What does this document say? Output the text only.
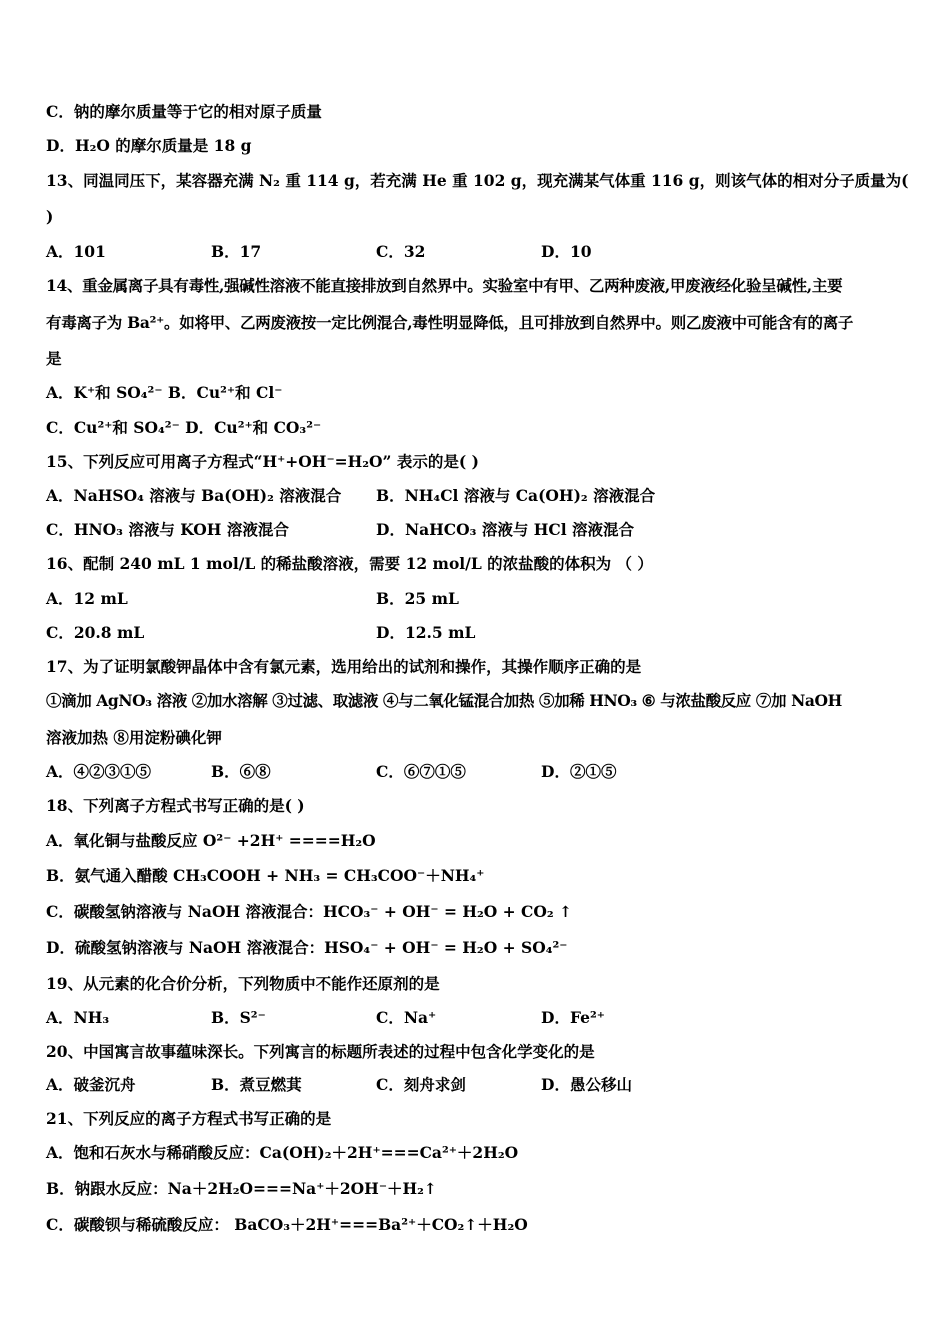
C．钠的摩尔质量等于它的相对原子质量
D．H₂O 的摩尔质量是 18 g
13、同温同压下，某容器充满 N₂ 重 114 g，若充满 He 重 102 g，现充满某气体重 116 g，则该气体的相对分子质量为(
)
A．101	B．17	C．32	D．10
14、重金属离子具有毒性,强碱性溶液不能直接排放到自然界中。实验室中有甲、乙两种废液,甲废液经化验呈碱性,主要
有毒离子为 Ba²⁺。如将甲、乙两废液按一定比例混合,毒性明显降低，且可排放到自然界中。则乙废液中可能含有的离子
是
A．K⁺和 SO₄²⁻ B．Cu²⁺和 Cl⁻
C．Cu²⁺和 SO₄²⁻ D．Cu²⁺和 CO₃²⁻
15、下列反应可用离子方程式“H⁺+OH⁻=H₂O” 表示的是( )
A．NaHSO₄ 溶液与 Ba(OH)₂ 溶液混合 B．NH₄Cl 溶液与 Ca(OH)₂ 溶液混合
C．HNO₃ 溶液与 KOH 溶液混合	D．NaHCO₃ 溶液与 HCl 溶液混合
16、配制 240 mL 1 mol/L 的稀盐酸溶液，需要 12 mol/L 的浓盐酸的体积为 （ ）
A．12 mL	B．25 mL
C．20.8 mL	D．12.5 mL
17、为了证明氯酸钾晶体中含有氯元素，选用给出的试剂和操作，其操作顺序正确的是
①滴加 AgNO₃ 溶液 ②加水溶解 ③过滤、取滤液 ④与二氧化锰混合加热 ⑤加稀 HNO₃ ⑥ 与浓盐酸反应 ⑦加 NaOH
溶液加热 ⑧用淀粉碘化钾
A．④②③①⑤	B．⑥⑧	C．⑥⑦①⑤	D．②①⑤
18、下列离子方程式书写正确的是( )
A．氧化铜与盐酸反应 O²⁻ +2H⁺ ====H₂O
B．氨气通入醋酸 CH₃COOH + NH₃ = CH₃COO⁻＋NH₄⁺
C．碳酸氢钠溶液与 NaOH 溶液混合：HCO₃⁻ + OH⁻ = H₂O + CO₂ ↑
D．硫酸氢钠溶液与 NaOH 溶液混合：HSO₄⁻ + OH⁻ = H₂O + SO₄²⁻
19、从元素的化合价分析，下列物质中不能作还原剂的是
A．NH₃	B．S²⁻	C．Na⁺	D．Fe²⁺
20、中国寓言故事蕴味深长。下列寓言的标题所表述的过程中包含化学变化的是
A．破釜沉舟	B．煮豆燃萁	C．刻舟求剑	D．愚公移山
21、下列反应的离子方程式书写正确的是
A．饱和石灰水与稀硝酸反应：Ca(OH)₂＋2H⁺===Ca²⁺＋2H₂O
B．钠跟水反应：Na＋2H₂O===Na⁺＋2OH⁻＋H₂↑
C．碳酸钡与稀硫酸反应： BaCO₃＋2H⁺===Ba²⁺＋CO₂↑＋H₂O
